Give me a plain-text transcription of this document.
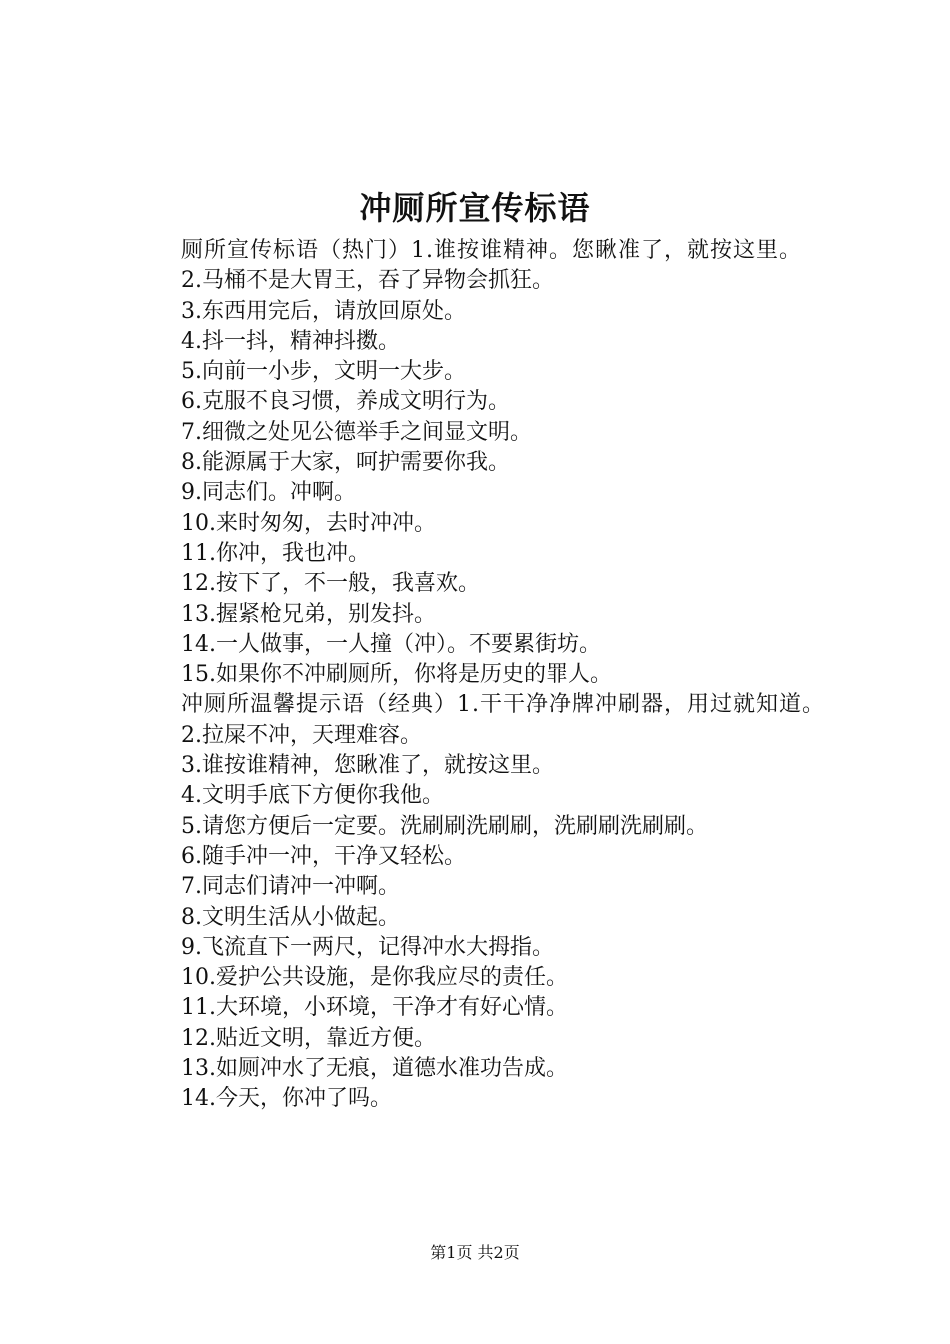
冲厕所宣传标语
厕所宣传标语（热门）1.谁按谁精神。您瞅准了，就按这里。
2.马桶不是大胃王，吞了异物会抓狂。
3.东西用完后，请放回原处。
4.抖一抖，精神抖擞。
5.向前一小步，文明一大步。
6.克服不良习惯，养成文明行为。
7.细微之处见公德举手之间显文明。
8.能源属于大家，呵护需要你我。
9.同志们。冲啊。
10.来时匆匆，去时冲冲。
11.你冲，我也冲。
12.按下了，不一般，我喜欢。
13.握紧枪兄弟，别发抖。
14.一人做事，一人撞（冲）。不要累街坊。
15.如果你不冲刷厕所，你将是历史的罪人。
冲厕所温馨提示语（经典）1.干干净净牌冲刷器，用过就知道。
2.拉屎不冲，天理难容。
3.谁按谁精神，您瞅准了，就按这里。
4.文明手底下方便你我他。
5.请您方便后一定要。洗刷刷洗刷刷，洗刷刷洗刷刷。
6.随手冲一冲，干净又轻松。
7.同志们请冲一冲啊。
8.文明生活从小做起。
9.飞流直下一两尺，记得冲水大拇指。
10.爱护公共设施，是你我应尽的责任。
11.大环境，小环境，干净才有好心情。
12.贴近文明，靠近方便。
13.如厕冲水了无痕，道德水准功告成。
14.今天，你冲了吗。
第1页 共2页
